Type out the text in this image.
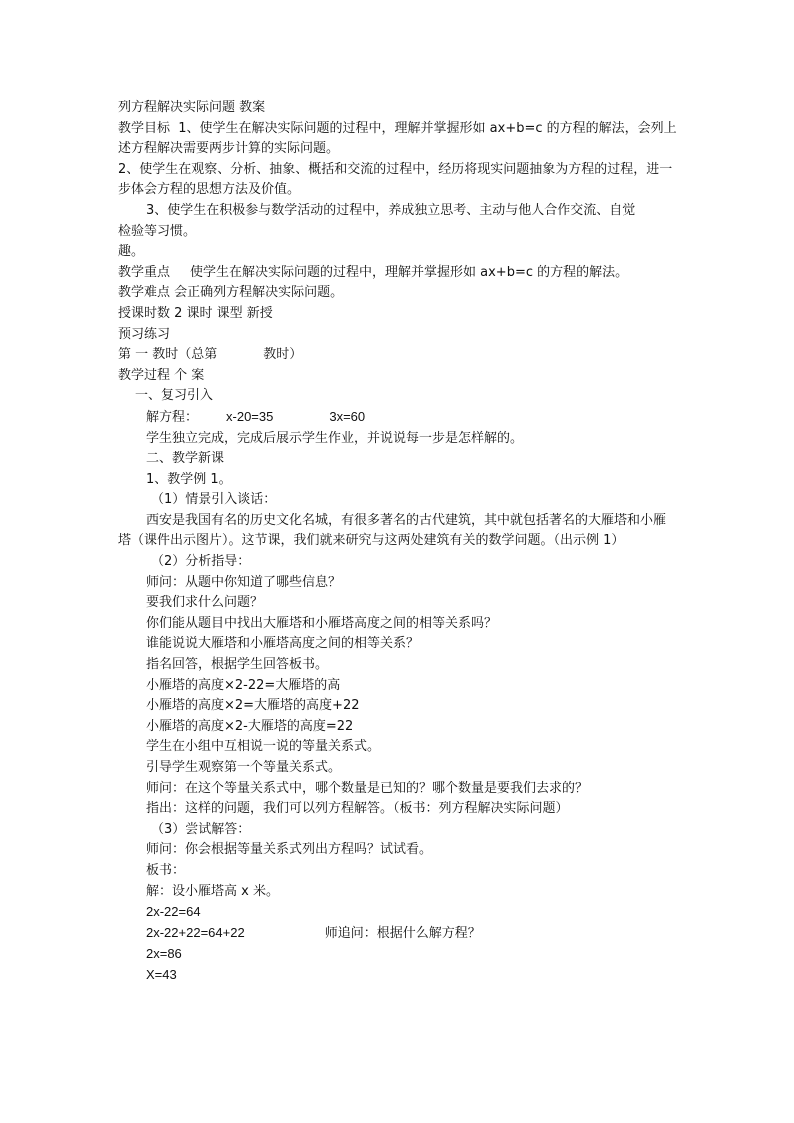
列方程解决实际问题 教案
教学目标 1、使学生在解决实际问题的过程中，理解并掌握形如 ax+b=c 的方程的解法，会列上述方程解决需要两步计算的实际问题。
2、使学生在观察、分析、抽象、概括和交流的过程中，经历将现实问题抽象为方程的过程，进一步体会方程的思想方法及价值。
3、使学生在积极参与数学活动的过程中，养成独立思考、主动与他人合作交流、自觉
检验等习惯。
趣。
教学重点 使学生在解决实际问题的过程中，理解并掌握形如 ax+b=c 的方程的解法。
教学难点 会正确列方程解决实际问题。
授课时数 2 课时 课型 新授
预习练习
第 一 教时（总第	教时）
教学过程 个 案
一、复习引入
解方程： x-20=35	3x=60
学生独立完成，完成后展示学生作业，并说说每一步是怎样解的。
二、教学新课
1、教学例 1。
（1）情景引入谈话：
西安是我国有名的历史文化名城，有很多著名的古代建筑，其中就包括著名的大雁塔和小雁塔（课件出示图片）。这节课，我们就来研究与这两处建筑有关的数学问题。（出示例 1）
（2）分析指导：
师问：从题中你知道了哪些信息？
要我们求什么问题？
你们能从题目中找出大雁塔和小雁塔高度之间的相等关系吗？
谁能说说大雁塔和小雁塔高度之间的相等关系？
指名回答，根据学生回答板书。
小雁塔的高度×2-22=大雁塔的高
小雁塔的高度×2=大雁塔的高度+22
小雁塔的高度×2-大雁塔的高度=22
学生在小组中互相说一说的等量关系式。
引导学生观察第一个等量关系式。
师问：在这个等量关系式中，哪个数量是已知的？哪个数量是要我们去求的？
指出：这样的问题，我们可以列方程解答。（板书：列方程解决实际问题）
（3）尝试解答：
师问：你会根据等量关系式列出方程吗？试试看。
板书：
解：设小雁塔高 x 米。
2x-22=64
2x-22+22=64+22	师追问：根据什么解方程？
2x=86
X=43
